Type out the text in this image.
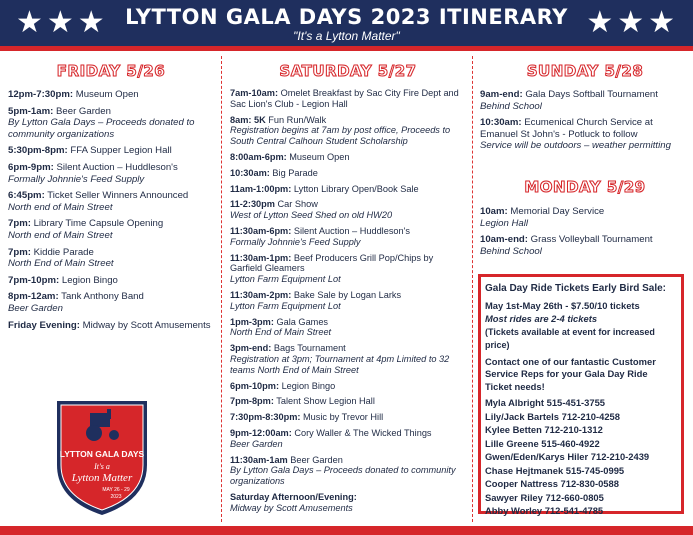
★★★ LYTTON GALA DAYS 2023 ITINERARY
"It's a Lytton Matter"	★★★
FRIDAY 5/26	SATURDAY 5/27	SUNDAY 5/28
MONDAY 5/29
12pm-7:30pm: Museum Open
5pm-1am: Beer Garden
By Lytton Gala Days – Proceeds donated to community organizations
5:30pm-8pm: FFA Supper Legion Hall
6pm-9pm: Silent Auction – Huddleson's
Formally Johnnie's Feed Supply
6:45pm: Ticket Seller Winners Announced
North end of Main Street
7pm: Library Time Capsule Opening
North end of Main Street
7pm: Kiddie Parade
North End of Main Street
7pm-10pm: Legion Bingo
8pm-12am: Tank Anthony Band
Beer Garden
Friday Evening: Midway by Scott Amusements
7am-10am: Omelet Breakfast by Sac City Fire Dept and Sac Lion's Club - Legion Hall
8am: 5K Fun Run/Walk
Registration begins at 7am by post office, Proceeds to South Central Calhoun Student Scholarship
8:00am-6pm: Museum Open
10:30am: Big Parade
11am-1:00pm: Lytton Library Open/Book Sale
11-2:30pm Car Show
West of Lytton Seed Shed on old HW20
11:30am-6pm: Silent Auction – Huddleson's
Formally Johnnie's Feed Supply
11:30am-1pm: Beef Producers Grill Pop/Chips by Garfield Gleamers
Lytton Farm Equipment Lot
11:30am-2pm: Bake Sale by Logan Larks
Lytton Farm Equipment Lot
1pm-3pm: Gala Games
North End of Main Street
3pm-end: Bags Tournament
Registration at 3pm; Tournament at 4pm Limited to 32 teams North End of Main Street
6pm-10pm: Legion Bingo
7pm-8pm: Talent Show Legion Hall
7:30pm-8:30pm: Music by Trevor Hill
9pm-12:00am: Cory Waller & The Wicked Things
Beer Garden
11:30am-1am Beer Garden
By Lytton Gala Days – Proceeds donated to community organizations
Saturday Afternoon/Evening:
Midway by Scott Amusements
9am-end: Gala Days Softball Tournament
Behind School
10:30am: Ecumenical Church Service at Emanuel St John's - Potluck to follow
Service will be outdoors – weather permitting
10am: Memorial Day Service
Legion Hall
10am-end: Grass Volleyball Tournament
Behind School
Gala Day Ride Tickets Early Bird Sale:
May 1st-May 26th - $7.50/10 tickets
Most rides are 2-4 tickets
(Tickets available at event for increased price)
Contact one of our fantastic Customer Service Reps for your Gala Day Ride Ticket needs!
Myla Albright 515-451-3755
Lily/Jack Bartels 712-210-4258
Kylee Betten 712-210-1312
Lille Greene 515-460-4922
Gwen/Eden/Karys Hiler 712-210-2439
Chase Hejtmanek 515-745-0995
Cooper Nattress 712-830-0588
Sawyer Riley 712-660-0805
Abby Worley 712-541-4785
LYTTON GALA DAYS
It's a
Lytton Matter
MAY 26 - 29
2023
